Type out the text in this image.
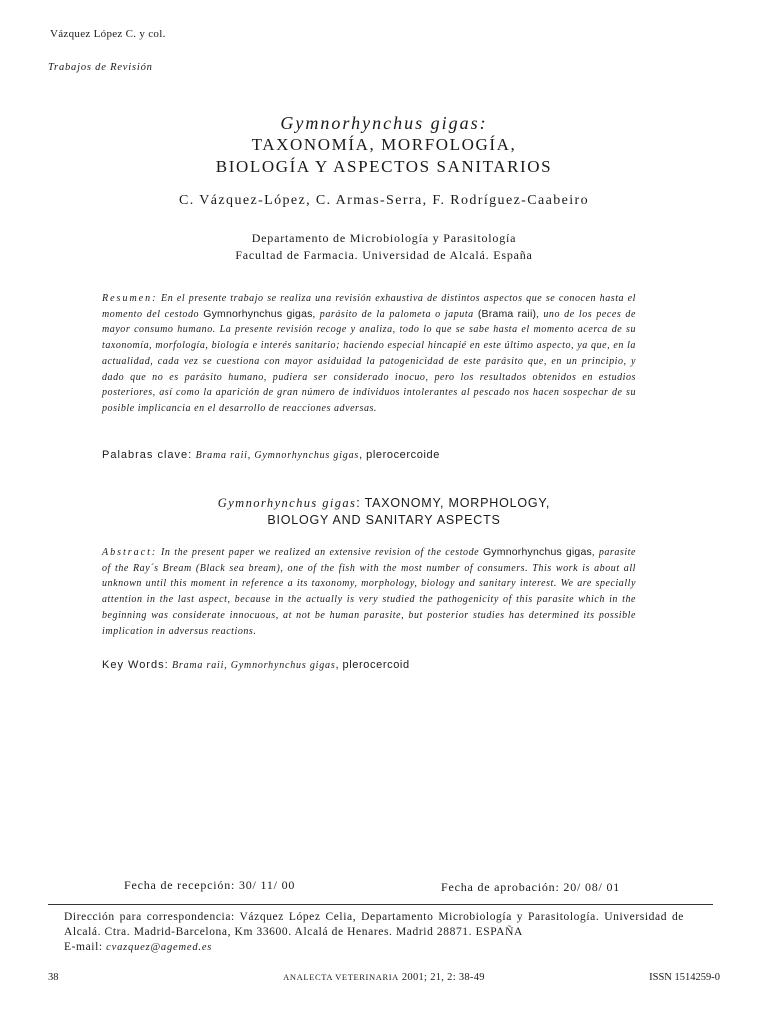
Vázquez López C. y col.
Trabajos de Revisión
Gymnorhynchus gigas:
TAXONOMÍA, MORFOLOGÍA,
BIOLOGÍA Y ASPECTOS SANITARIOS
C. Vázquez-López, C. Armas-Serra, F. Rodríguez-Caabeiro
Departamento de Microbiología y Parasitología
Facultad de Farmacia. Universidad de Alcalá. España
Resumen: En el presente trabajo se realiza una revisión exhaustiva de distintos aspectos que se conocen hasta el momento del cestodo Gymnorhynchus gigas, parásito de la palometa o japuta (Brama raii), uno de los peces de mayor consumo humano. La presente revisión recoge y analiza, todo lo que se sabe hasta el momento acerca de su taxonomía, morfología, biología e interés sanitario; haciendo especial hincapié en este último aspecto, ya que, en la actualidad, cada vez se cuestiona con mayor asiduidad la patogenicidad de este parásito que, en un principio, y dado que no es parásito humano, pudiera ser considerado inocuo, pero los resultados obtenidos en estudios posteriores, así como la aparición de gran número de individuos intolerantes al pescado nos hacen sospechar de su posible implicancia en el desarrollo de reacciones adversas.
Palabras clave: Brama raii, Gymnorhynchus gigas, plerocercoide
Gymnorhynchus gigas: TAXONOMY, MORPHOLOGY,
BIOLOGY AND SANITARY ASPECTS
Abstract: In the present paper we realized an extensive revision of the cestode Gymnorhynchus gigas, parasite of the Ray´s Bream (Black sea bream), one of the fish with the most number of consumers. This work is about all unknown until this moment in reference a its taxonomy, morphology, biology and sanitary interest. We are specially attention in the last aspect, because in the actually is very studied the pathogenicity of this parasite which in the beginning was considerate innocuous, at not be human parasite, but posterior studies has determined its possible implication in adversus reactions.
Key Words: Brama raii, Gymnorhynchus gigas, plerocercoid
Fecha de recepción: 30/ 11/ 00	Fecha de aprobación: 20/ 08/ 01
Dirección para correspondencia: Vázquez López Celia, Departamento Microbiología y Parasitología. Universidad de Alcalá. Ctra. Madrid-Barcelona, Km 33600. Alcalá de Henares. Madrid 28871. ESPAÑA
E-mail: cvazquez@agemed.es
38	ANALECTA VETERINARIA 2001; 21, 2: 38-49	ISSN 1514259-0
